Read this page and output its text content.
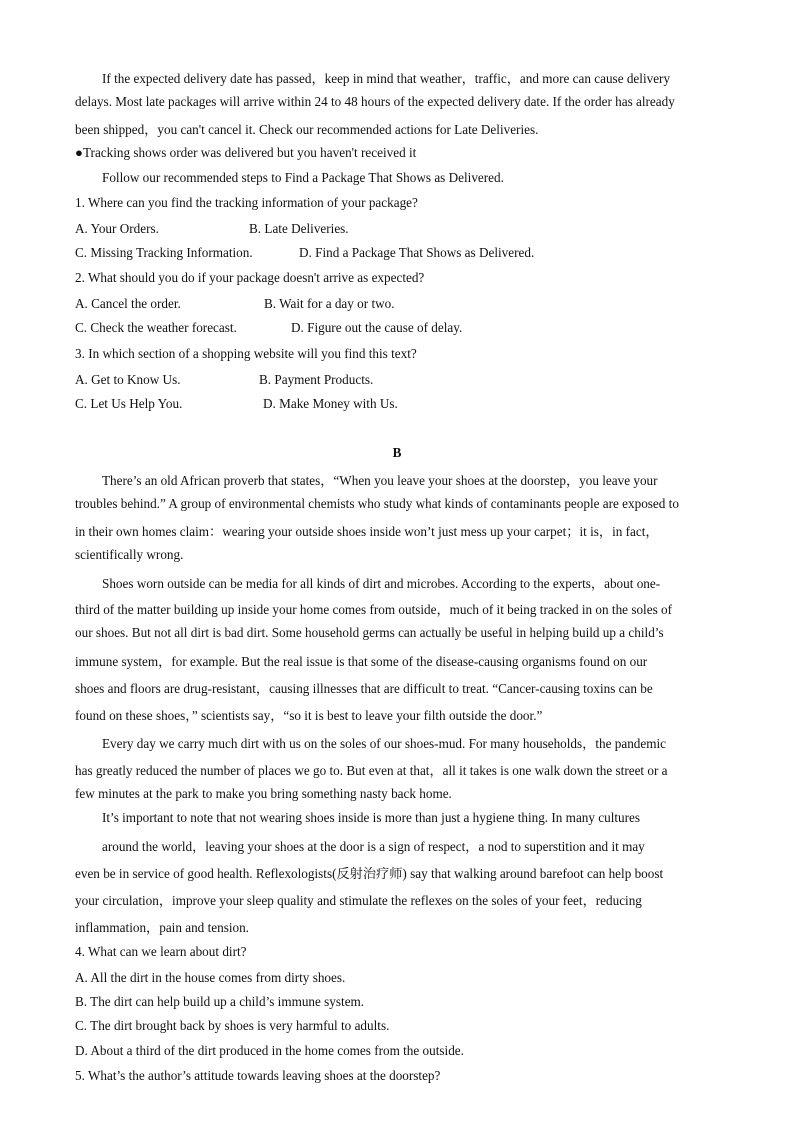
If the expected delivery date has passed，keep in mind that weather，traffic，and more can cause delivery
delays. Most late packages will arrive within 24 to 48 hours of the expected delivery date. If the order has already
been shipped，you can't cancel it. Check our recommended actions for Late Deliveries.
●Tracking shows order was delivered but you haven't received it
Follow our recommended steps to Find a Package That Shows as Delivered.
1. Where can you find the tracking information of your package?
A. Your Orders.	B. Late Deliveries.
C. Missing Tracking Information.	D. Find a Package That Shows as Delivered.
2. What should you do if your package doesn't arrive as expected?
A. Cancel the order.	B. Wait for a day or two.
C. Check the weather forecast.	D. Figure out the cause of delay.
3. In which section of a shopping website will you find this text?
A. Get to Know Us.	B. Payment Products.
C. Let Us Help You.	D. Make Money with Us.
B
There’s an old African proverb that states，“When you leave your shoes at the doorstep，you leave your
troubles behind.” A group of environmental chemists who study what kinds of contaminants people are exposed to
in their own homes claim：wearing your outside shoes inside won’t just mess up your carpet；it is，in fact，
scientifically wrong.
Shoes worn outside can be media for all kinds of dirt and microbes. According to the experts，about one-
third of the matter building up inside your home comes from outside，much of it being tracked in on the soles of
our shoes. But not all dirt is bad dirt. Some household germs can actually be useful in helping build up a child’s
immune system，for example. But the real issue is that some of the disease-causing organisms found on our
shoes and floors are drug-resistant，causing illnesses that are difficult to treat. “Cancer-causing toxins can be
found on these shoes，” scientists say，“so it is best to leave your filth outside the door.”
Every day we carry much dirt with us on the soles of our shoes-mud. For many households，the pandemic
has greatly reduced the number of places we go to. But even at that，all it takes is one walk down the street or a
few minutes at the park to make you bring something nasty back home.
It’s important to note that not wearing shoes inside is more than just a hygiene thing. In many cultures
around the world，leaving your shoes at the door is a sign of respect，a nod to superstition and it may
even be in service of good health. Reflexologists(反射治疗师) say that walking around barefoot can help boost
your circulation，improve your sleep quality and stimulate the reflexes on the soles of your feet，reducing
inflammation，pain and tension.
4. What can we learn about dirt?
A. All the dirt in the house comes from dirty shoes.
B. The dirt can help build up a child’s immune system.
C. The dirt brought back by shoes is very harmful to adults.
D. About a third of the dirt produced in the home comes from the outside.
5. What’s the author’s attitude towards leaving shoes at the doorstep?
